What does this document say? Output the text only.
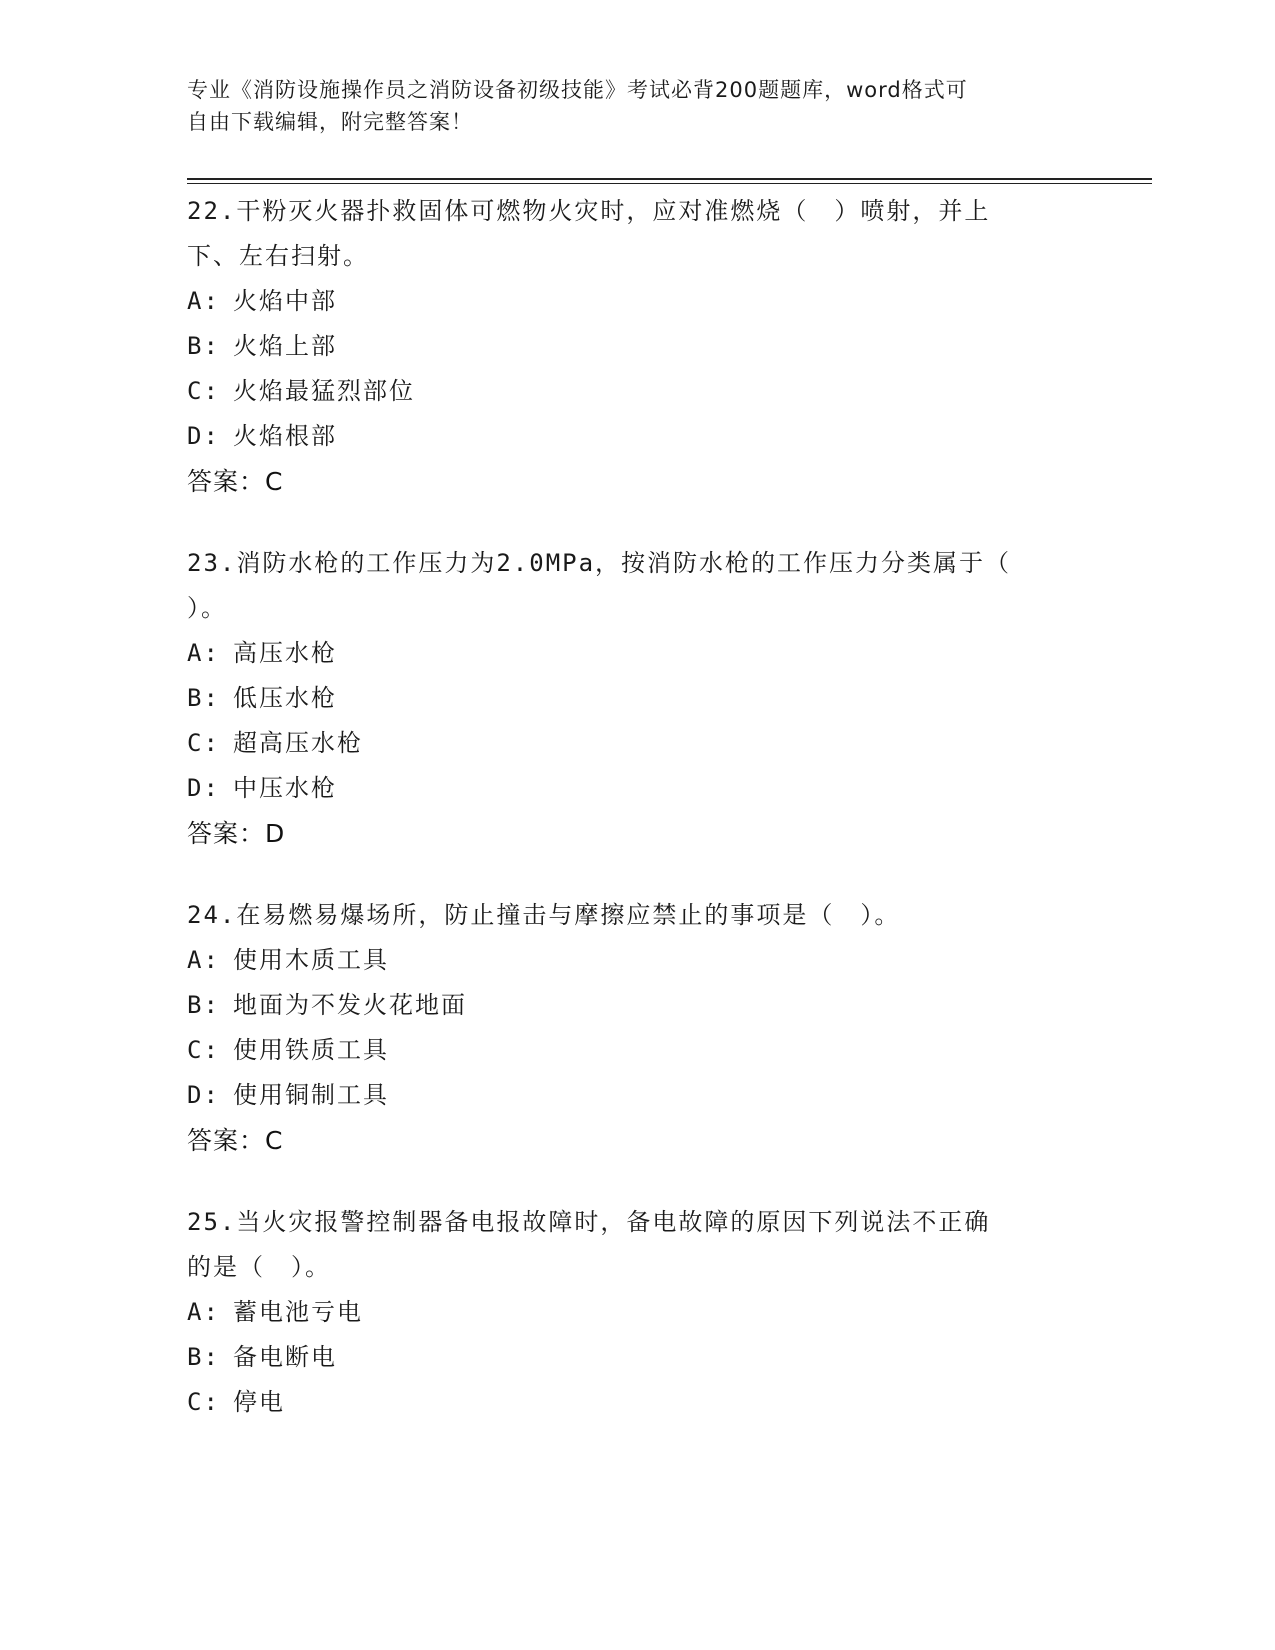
专业《消防设施操作员之消防设备初级技能》考试必背200题题库，word格式可
自由下载编辑，附完整答案！
22.干粉灭火器扑救固体可燃物火灾时，应对准燃烧（　）喷射，并上
下、左右扫射。
A: 火焰中部
B: 火焰上部
C: 火焰最猛烈部位
D: 火焰根部
答案：C
23.消防水枪的工作压力为2.0MPa，按消防水枪的工作压力分类属于（
）。
A: 高压水枪
B: 低压水枪
C: 超高压水枪
D: 中压水枪
答案：D
24.在易燃易爆场所，防止撞击与摩擦应禁止的事项是（　）。
A: 使用木质工具
B: 地面为不发火花地面
C: 使用铁质工具
D: 使用铜制工具
答案：C
25.当火灾报警控制器备电报故障时，备电故障的原因下列说法不正确
的是（　）。
A: 蓄电池亏电
B: 备电断电
C: 停电
